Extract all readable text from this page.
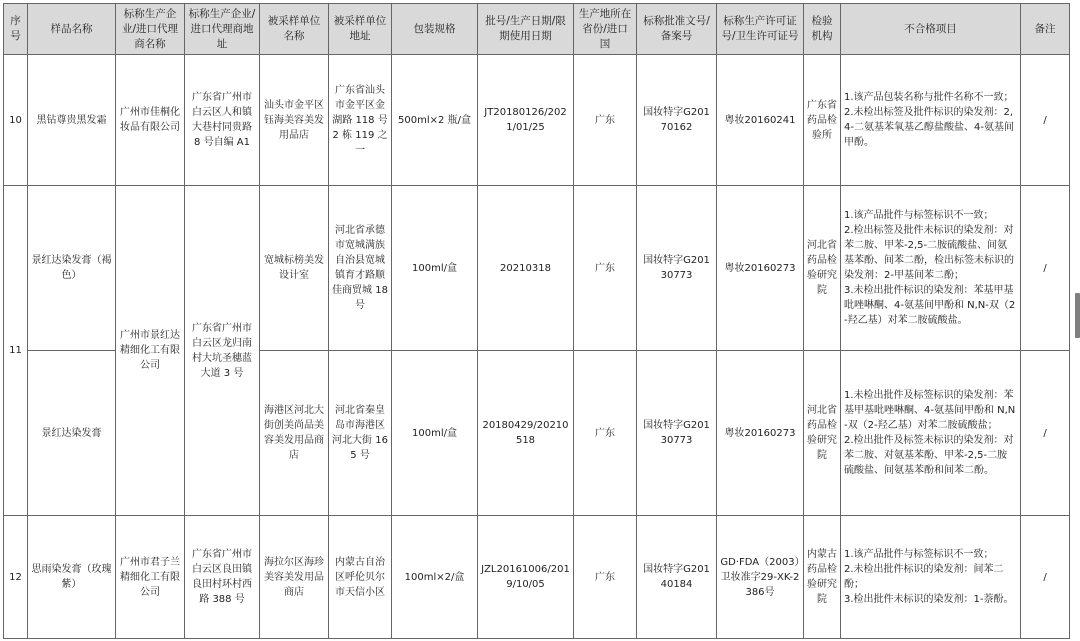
序号	样品名称	标称生产企业/进口代理商名称	标称生产企业/进口代理商地址	被采样单位名称	被采样单位地址	包装规格	批号/生产日期/限期使用日期	生产地所在省份/进口国	标称批准文号/备案号	标称生产许可证号/卫生许可证号	检验机构	不合格项目	备注
10	黑钻尊贵黑发霜	广州市佳桐化妆品有限公司	广东省广州市白云区人和镇大巷村同贵路 8 号自编 A1	汕头市金平区钰海美容美发用品店	广东省汕头市金平区金湖路 118 号 2 栋 119 之一	500ml×2 瓶/盒	JT20180126/2021/01/25	广东	国妆特字G20170162	粤妆20160241	广东省药品检验所	1.该产品包装名称与批件名称不一致；
2.未检出标签及批件标识的染发剂：2,4-二氨基苯氧基乙醇盐酸盐、4-氨基间甲酚。	/
11	景红达染发膏（褐色）	广州市景红达精细化工有限公司	广东省广州市白云区龙归南村大坑圣穗蓝大道 3 号	宽城标榜美发设计室	河北省承德市宽城满族自治县宽城镇育才路顺佳商贸城 18 号	100ml/盒	20210318	广东	国妆特字G20130773	粤妆20160273	河北省药品检验研究院	1.该产品批件与标签标识不一致；
2.检出标签及批件未标识的染发剂：对苯二胺、甲苯-2,5-二胺硫酸盐、间氨基苯酚、间苯二酚，检出标签未标识的染发剂：2-甲基间苯二酚；
3.未检出批件标识的染发剂：苯基甲基吡唑啉酮、4-氨基间甲酚和 N,N-双（2-羟乙基）对苯二胺硫酸盐。	/
	景红达染发膏			海港区河北大街创美尚品美容美发用品商店	河北省秦皇岛市海港区河北大街 165 号	100ml/盒	20180429/20210518	广东	国妆特字G20130773	粤妆20160273	河北省药品检验研究院	1.未检出批件及标签标识的染发剂：苯基甲基吡唑啉酮、4-氨基间甲酚和 N,N-双（2-羟乙基）对苯二胺硫酸盐；
2.检出批件及标签未标识的染发剂：对苯二胺、对氨基苯酚、甲苯-2,5-二胺硫酸盐、间氨基苯酚和间苯二酚。	/
12	思雨染发膏（玫瑰紫）	广州市君子兰精细化工有限公司	广东省广州市白云区良田镇良田村环村西路 388 号	海拉尔区海珍美容美发用品商店	内蒙古自治区呼伦贝尔市天信小区	100ml×2/盒	JZL20161006/2019/10/05	广东	国妆特字G20140184	GD·FDA（2003）卫妆准字29-XK-2386号	内蒙古药品检验研究院	1.该产品批件与标签标识不一致；
2.未检出批件标识的染发剂：间苯二酚；
3.检出批件未标识的染发剂：1-萘酚。	/
